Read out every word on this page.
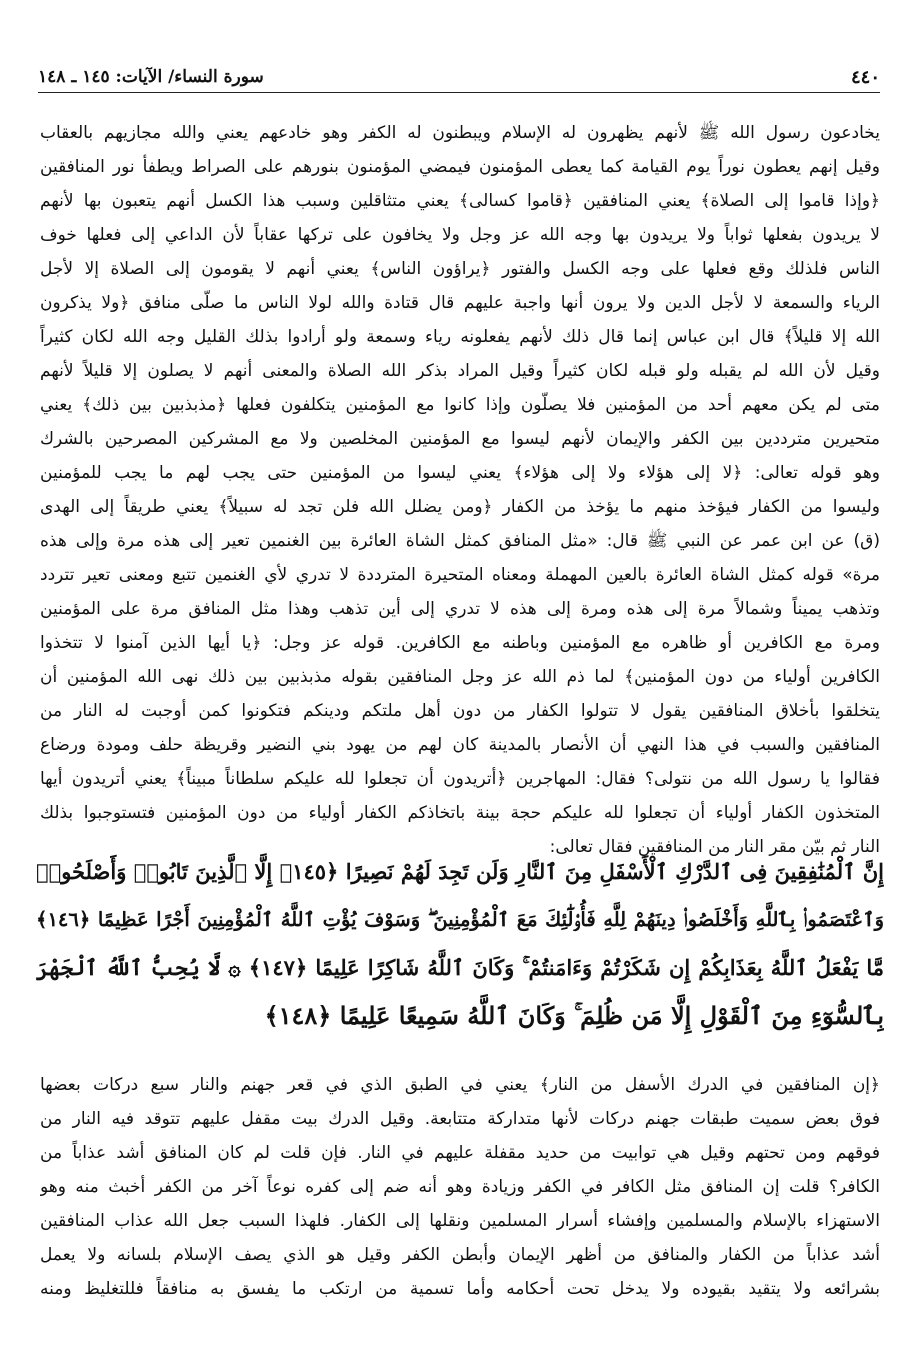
٤٤٠
سورة النساء/ الآيات: ١٤٥ ـ ١٤٨
يخادعون رسول الله ﷺ لأنهم يظهرون له الإسلام ويبطنون له الكفر وهو خادعهم يعني والله مجازيهم بالعقاب
وقيل إنهم يعطون نوراً يوم القيامة كما يعطى المؤمنون فيمضي المؤمنون بنورهم على الصراط ويطفأ نور المنافقين
﴿وإذا قاموا إلى الصلاة﴾ يعني المنافقين ﴿قاموا كسالى﴾ يعني متثاقلين وسبب هذا الكسل أنهم يتعبون بها لأنهم
لا يريدون بفعلها ثواباً ولا يريدون بها وجه الله عز وجل ولا يخافون على تركها عقاباً لأن الداعي إلى فعلها خوف
الناس فلذلك وقع فعلها على وجه الكسل والفتور ﴿يراؤون الناس﴾ يعني أنهم لا يقومون إلى الصلاة إلا لأجل
الرياء والسمعة لا لأجل الدين ولا يرون أنها واجبة عليهم قال قتادة والله لولا الناس ما صلّى منافق ﴿ولا يذكرون
الله إلا قليلاً﴾ قال ابن عباس إنما قال ذلك لأنهم يفعلونه رياء وسمعة ولو أرادوا بذلك القليل وجه الله لكان كثيراً
وقيل لأن الله لم يقبله ولو قبله لكان كثيراً وقيل المراد بذكر الله الصلاة والمعنى أنهم لا يصلون إلا قليلاً لأنهم
متى لم يكن معهم أحد من المؤمنين فلا يصلّون وإذا كانوا مع المؤمنين يتكلفون فعلها ﴿مذبذبين بين ذلك﴾ يعني
متحيرين مترددين بين الكفر والإيمان لأنهم ليسوا مع المؤمنين المخلصين ولا مع المشركين المصرحين بالشرك
وهو قوله تعالى: ﴿لا إلى هؤلاء ولا إلى هؤلاء﴾ يعني ليسوا من المؤمنين حتى يجب لهم ما يجب للمؤمنين
وليسوا من الكفار فيؤخذ منهم ما يؤخذ من الكفار ﴿ومن يضلل الله فلن تجد له سبيلاً﴾ يعني طريقاً إلى الهدى
(ق) عن ابن عمر عن النبي ﷺ قال: «مثل المنافق كمثل الشاة العائرة بين الغنمين تعير إلى هذه مرة وإلى هذه
مرة» قوله كمثل الشاة العائرة بالعين المهملة ومعناه المتحيرة المترددة لا تدري لأي الغنمين تتبع ومعنى تعير تتردد
وتذهب يميناً وشمالاً مرة إلى هذه ومرة إلى هذه لا تدري إلى أين تذهب وهذا مثل المنافق مرة على المؤمنين
ومرة مع الكافرين أو ظاهره مع المؤمنين وباطنه مع الكافرين. قوله عز وجل: ﴿يا أيها الذين آمنوا لا تتخذوا
الكافرين أولياء من دون المؤمنين﴾ لما ذم الله عز وجل المنافقين بقوله مذبذبين بين ذلك نهى الله المؤمنين أن
يتخلقوا بأخلاق المنافقين يقول لا تتولوا الكفار من دون أهل ملتكم ودينكم فتكونوا كمن أوجبت له النار من
المنافقين والسبب في هذا النهي أن الأنصار بالمدينة كان لهم من يهود بني النضير وقريظة حلف ومودة ورضاع
فقالوا يا رسول الله من نتولى؟ فقال: المهاجرين ﴿أتريدون أن تجعلوا لله عليكم سلطاناً مبيناً﴾ يعني أتريدون أيها
المتخذون الكفار أولياء أن تجعلوا لله عليكم حجة بينة باتخاذكم الكفار أولياء من دون المؤمنين فتستوجبوا بذلك
النار ثم بيّن مقر النار من المنافقين فقال تعالى:
إِنَّ ٱلْمُنَٰفِقِينَ فِى ٱلدَّرْكِ ٱلْأَسْفَلِ مِنَ ٱلنَّارِ وَلَن تَجِدَ لَهُمْ نَصِيرًا ﴿١٤٥﴾ إِلَّا ٱلَّذِينَ تَابُوا۟ وَأَصْلَحُوا۟
وَٱعْتَصَمُوا۟ بِٱللَّهِ وَأَخْلَصُوا۟ دِينَهُمْ لِلَّهِ فَأُو۟لَٰٓئِكَ مَعَ ٱلْمُؤْمِنِينَ ۖ وَسَوْفَ يُؤْتِ ٱللَّهُ ٱلْمُؤْمِنِينَ أَجْرًا عَظِيمًا ﴿١٤٦﴾
مَّا يَفْعَلُ ٱللَّهُ بِعَذَابِكُمْ إِن شَكَرْتُمْ وَءَامَنتُمْ ۚ وَكَانَ ٱللَّهُ شَاكِرًا عَلِيمًا ﴿١٤٧﴾ ۞ لَّا يُحِبُّ ٱللَّهُ ٱلْجَهْرَ
بِٱلسُّوٓءِ مِنَ ٱلْقَوْلِ إِلَّا مَن ظُلِمَ ۚ وَكَانَ ٱللَّهُ سَمِيعًا عَلِيمًا ﴿١٤٨﴾
﴿إن المنافقين في الدرك الأسفل من النار﴾ يعني في الطبق الذي في قعر جهنم والنار سبع دركات بعضها
فوق بعض سميت طبقات جهنم دركات لأنها متداركة متتابعة. وقيل الدرك بيت مقفل عليهم تتوقد فيه النار من
فوقهم ومن تحتهم وقيل هي توابيت من حديد مقفلة عليهم في النار. فإن قلت لم كان المنافق أشد عذاباً من
الكافر؟ قلت إن المنافق مثل الكافر في الكفر وزيادة وهو أنه ضم إلى كفره نوعاً آخر من الكفر أخبث منه وهو
الاستهزاء بالإسلام والمسلمين وإفشاء أسرار المسلمين ونقلها إلى الكفار. فلهذا السبب جعل الله عذاب المنافقين
أشد عذاباً من الكفار والمنافق من أظهر الإيمان وأبطن الكفر وقيل هو الذي يصف الإسلام بلسانه ولا يعمل
بشرائعه ولا يتقيد بقيوده ولا يدخل تحت أحكامه وأما تسمية من ارتكب ما يفسق به منافقاً فللتغليظ ومنه
